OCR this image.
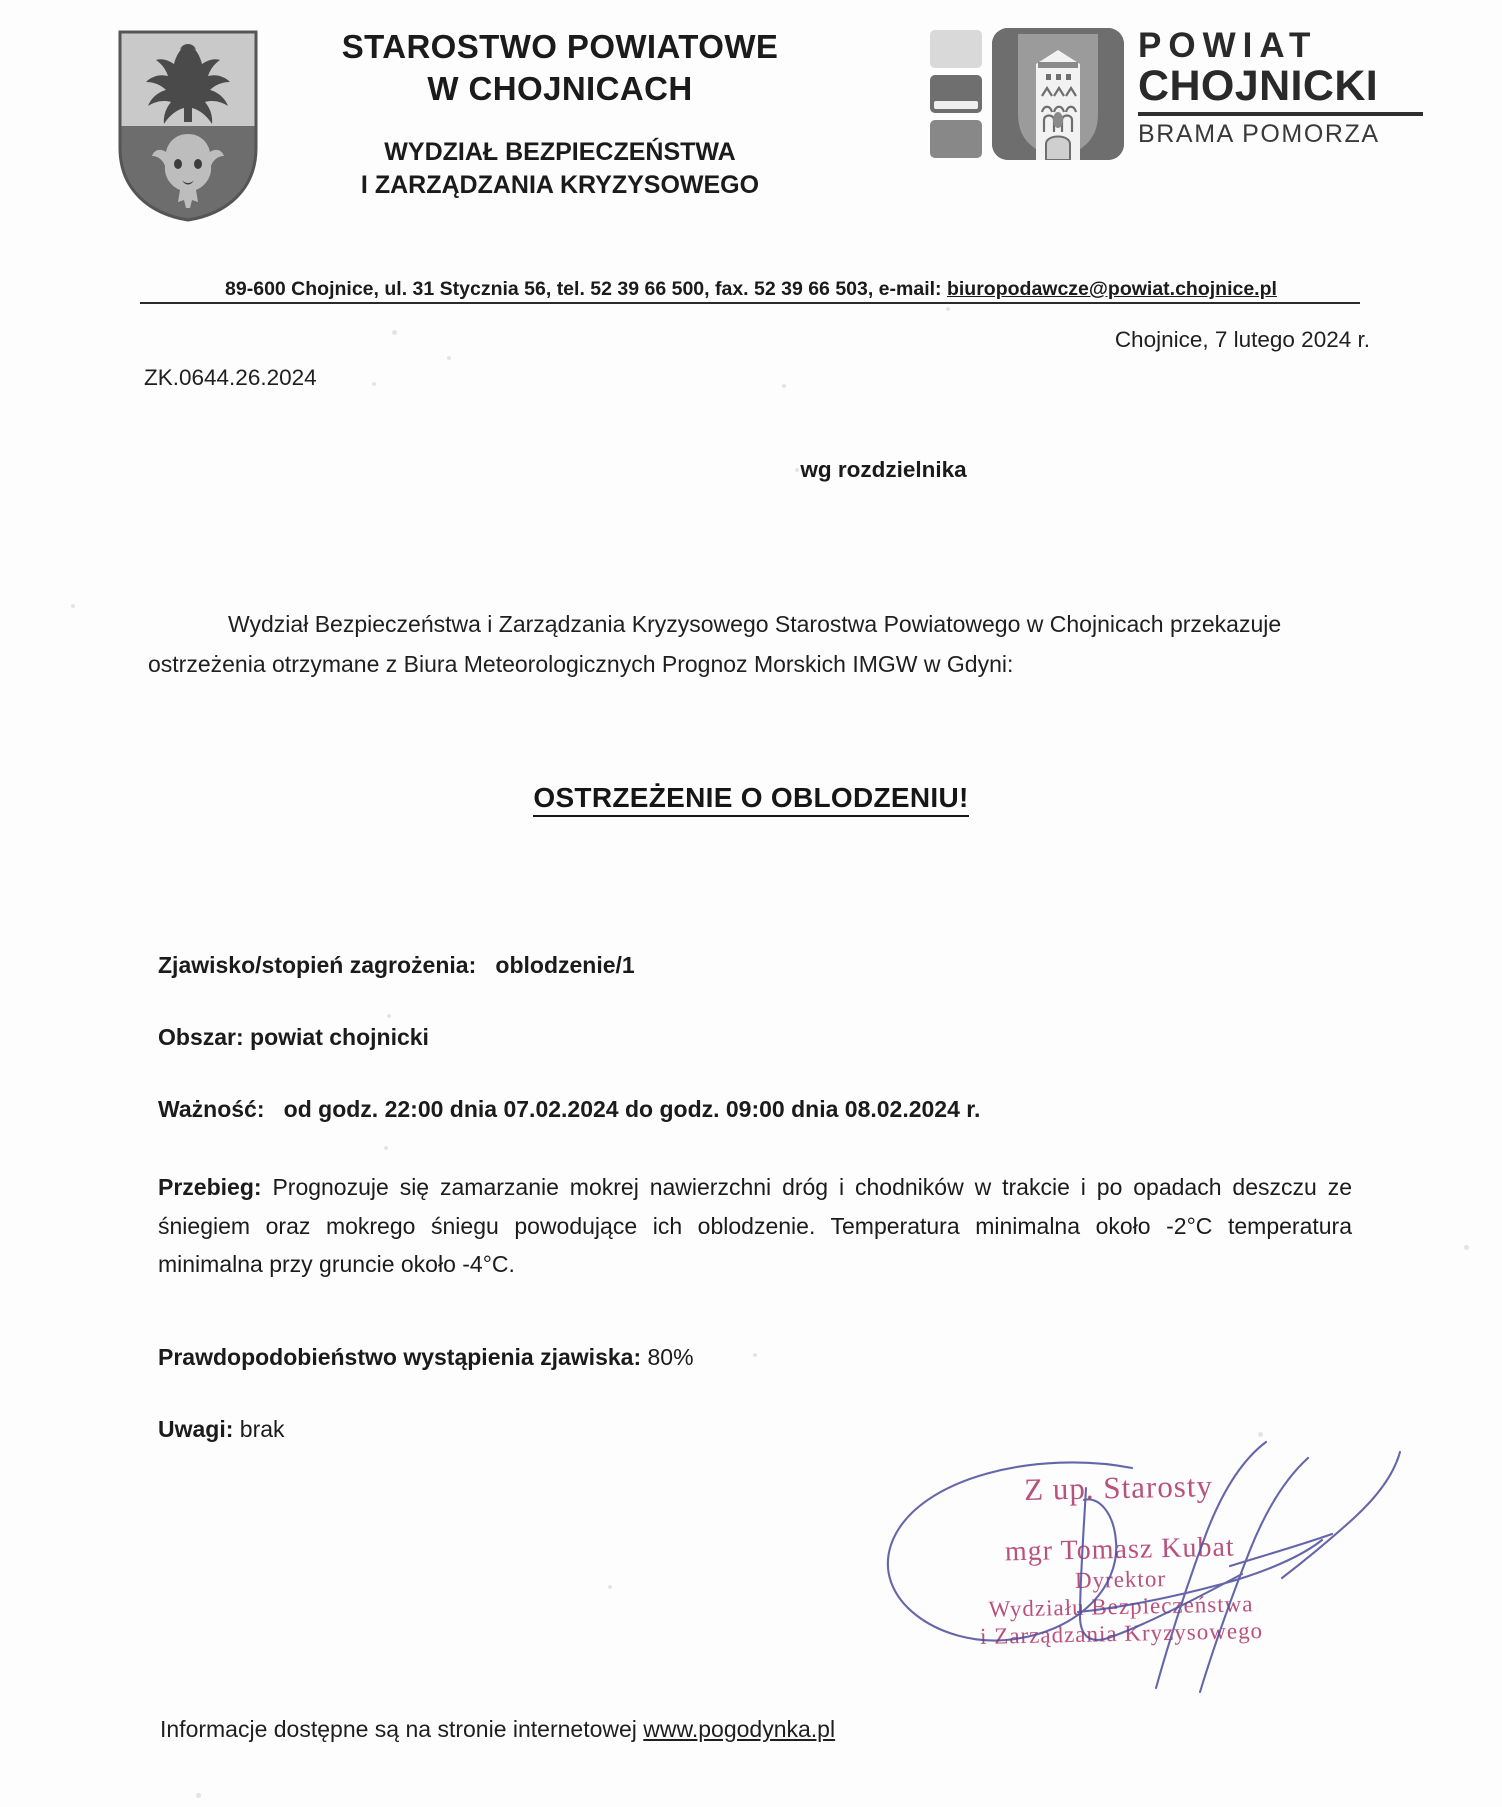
STAROSTWO POWIATOWE
W CHOJNICACH
WYDZIAŁ BEZPIECZEŃSTWA
I ZARZĄDZANIA KRYZYSOWEGO
POWIAT
CHOJNICKI
BRAMA POMORZA
89-600 Chojnice, ul. 31 Stycznia 56, tel. 52 39 66 500, fax. 52 39 66 503, e-mail: biuropodawcze@powiat.chojnice.pl
Chojnice, 7 lutego 2024 r.
ZK.0644.26.2024
wg rozdzielnika
Wydział Bezpieczeństwa i Zarządzania Kryzysowego Starostwa Powiatowego w Chojnicach przekazuje ostrzeżenia otrzymane z Biura Meteorologicznych Prognoz Morskich IMGW w Gdyni:
OSTRZEŻENIE O OBLODZENIU!
Zjawisko/stopień zagrożenia: oblodzenie/1
Obszar: powiat chojnicki
Ważność: od godz. 22:00 dnia 07.02.2024 do godz. 09:00 dnia 08.02.2024 r.
Przebieg: Prognozuje się zamarzanie mokrej nawierzchni dróg i chodników w trakcie i po opadach deszczu ze śniegiem oraz mokrego śniegu powodujące ich oblodzenie. Temperatura minimalna około -2°C temperatura minimalna przy gruncie około -4°C.
Prawdopodobieństwo wystąpienia zjawiska: 80%
Uwagi: brak
Z up. Starosty
mgr Tomasz Kubat
Dyrektor
Wydziału Bezpieczeństwa
i Zarządzania Kryzysowego
Informacje dostępne są na stronie internetowej www.pogodynka.pl
